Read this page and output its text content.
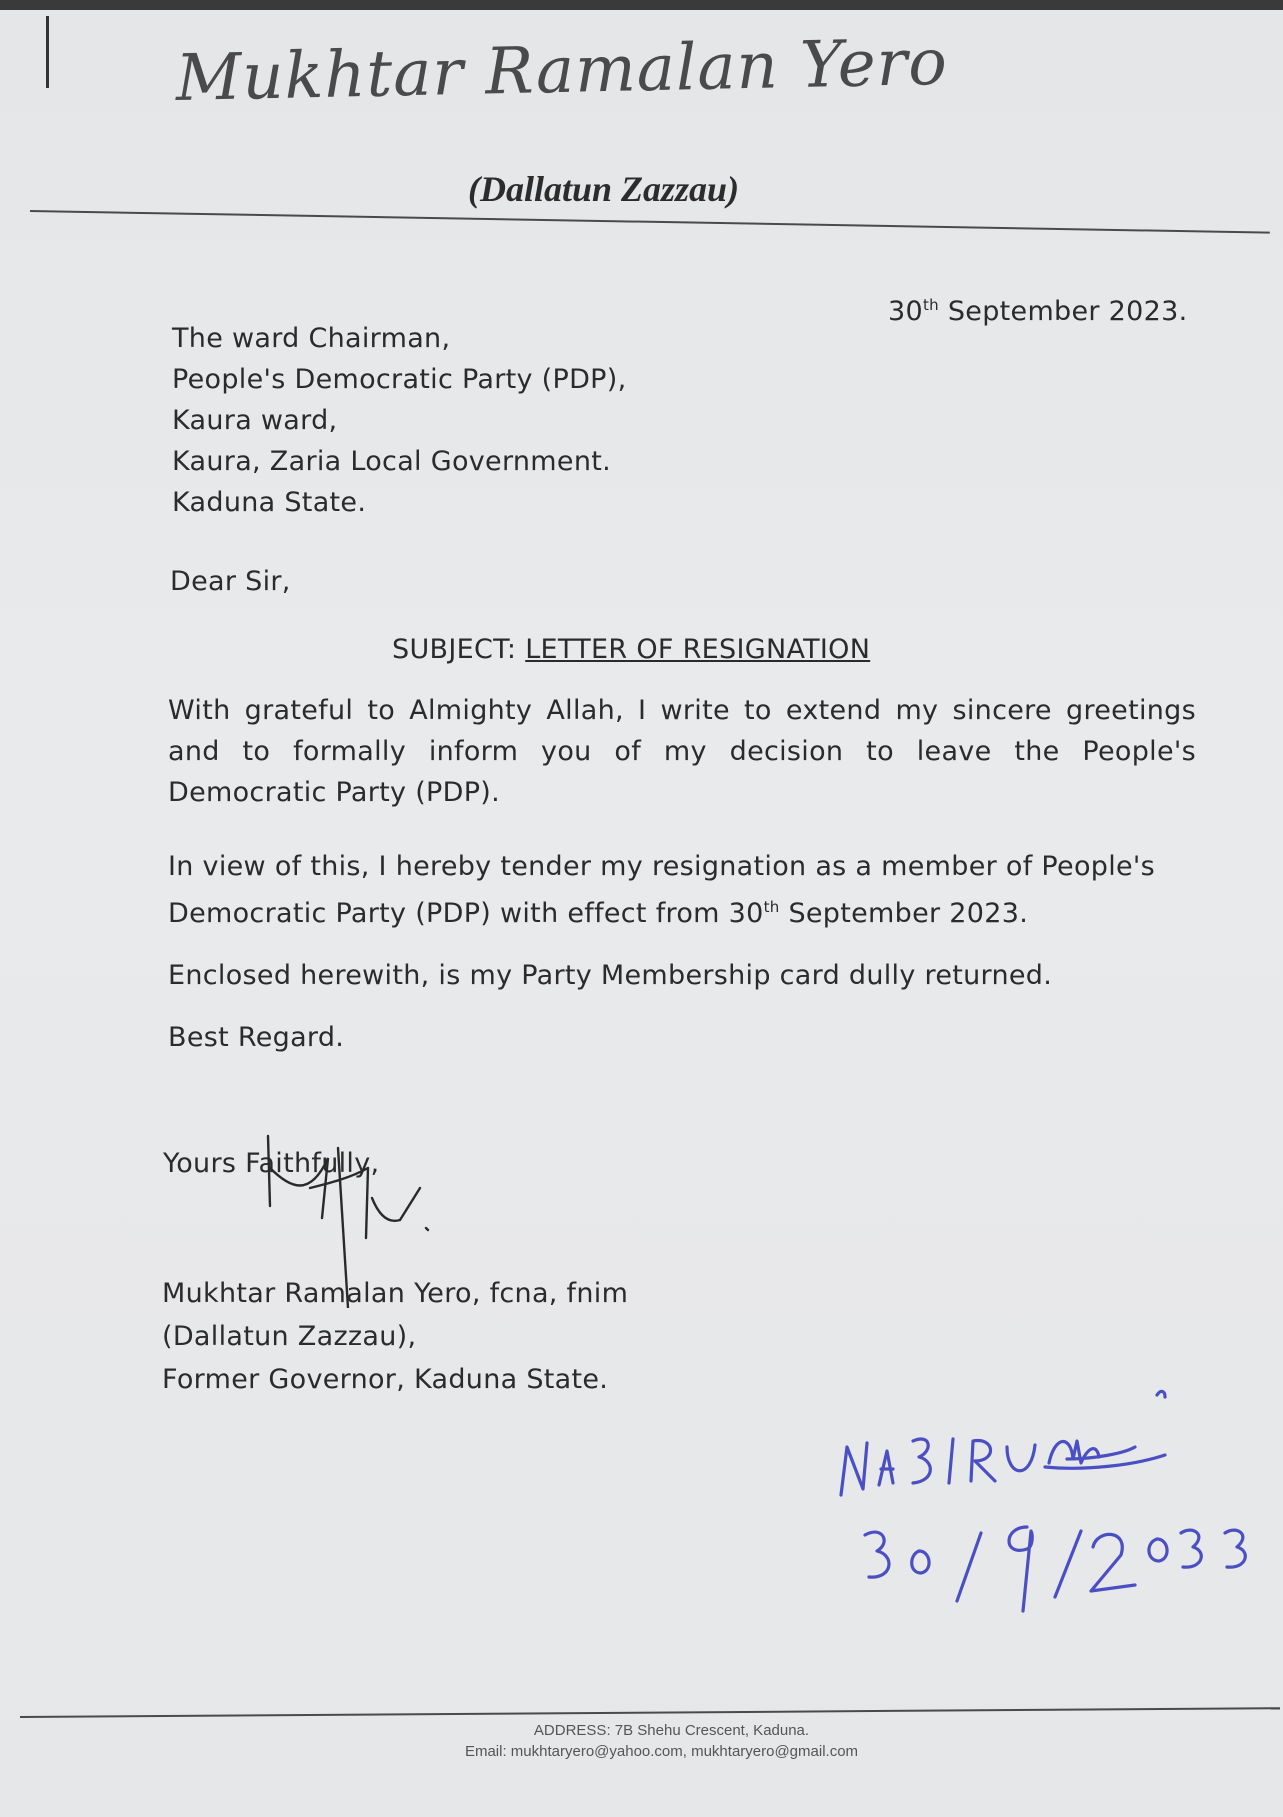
Mukhtar Ramalan Yero
(Dallatun Zazzau)
30th September 2023.
The ward Chairman,
People's Democratic Party (PDP),
Kaura ward,
Kaura, Zaria Local Government.
Kaduna State.
Dear Sir,
SUBJECT: LETTER OF RESIGNATION
With grateful to Almighty Allah, I write to extend my sincere greetings and to formally inform you of my decision to leave the People's Democratic Party (PDP).
In view of this, I hereby tender my resignation as a member of People's Democratic Party (PDP) with effect from 30th September 2023.
Enclosed herewith, is my Party Membership card dully returned.
Best Regard.
Yours Faithfully,
Mukhtar Ramalan Yero, fcna, fnim
(Dallatun Zazzau),
Former Governor, Kaduna State.
ADDRESS: 7B Shehu Crescent, Kaduna.
Email: mukhtaryero@yahoo.com, mukhtaryero@gmail.com
